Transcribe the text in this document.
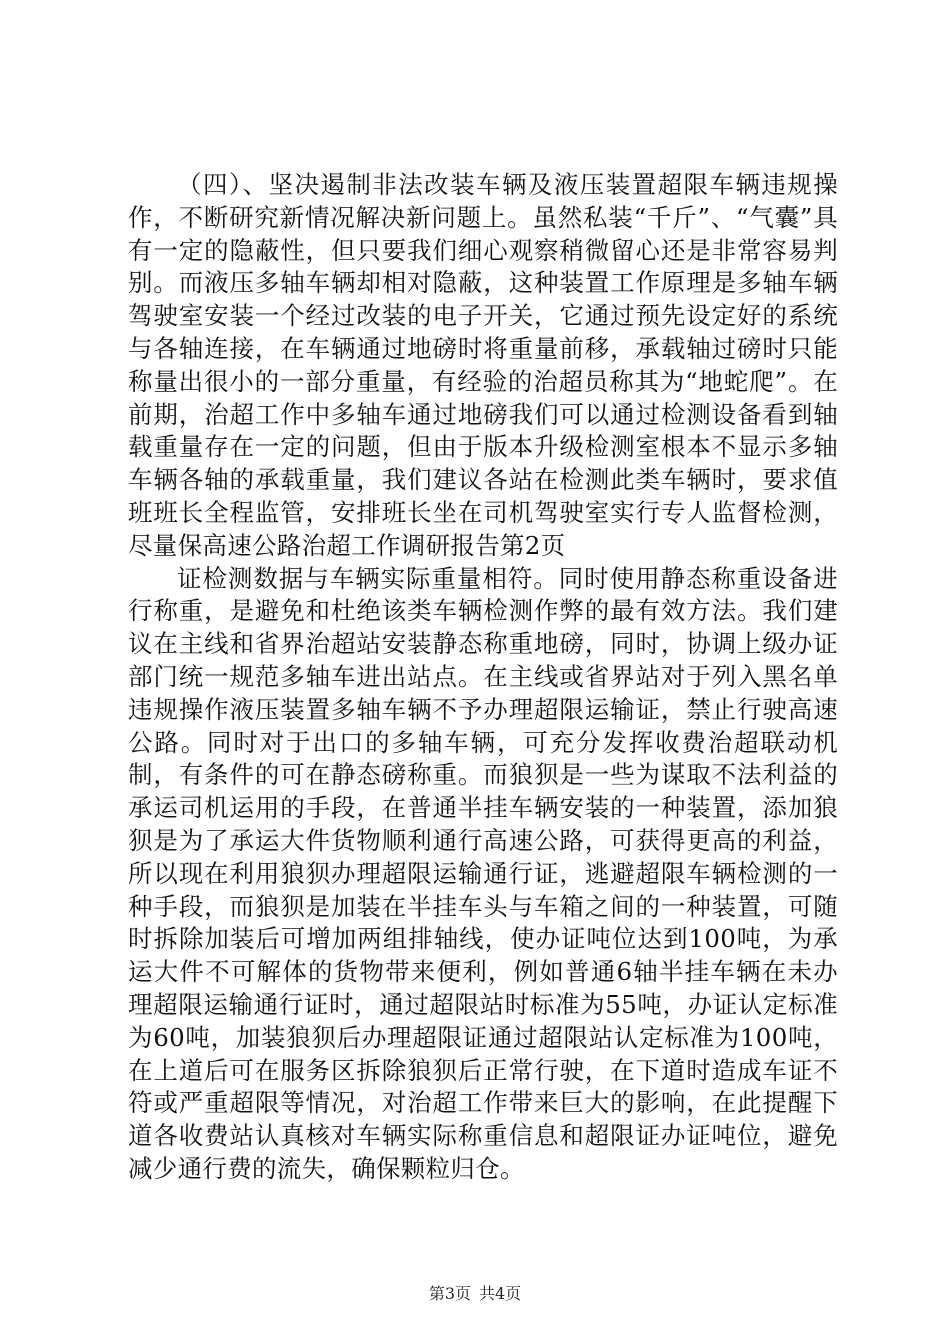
（四）、坚决遏制非法改装车辆及液压装置超限车辆违规操作，不断研究新情况解决新问题上。虽然私装“千斤”、“气囊”具有一定的隐蔽性，但只要我们细心观察稍微留心还是非常容易判别。而液压多轴车辆却相对隐蔽，这种装置工作原理是多轴车辆驾驶室安装一个经过改装的电子开关，它通过预先设定好的系统与各轴连接，在车辆通过地磅时将重量前移，承载轴过磅时只能称量出很小的一部分重量，有经验的治超员称其为“地蛇爬”。在前期，治超工作中多轴车通过地磅我们可以通过检测设备看到轴载重量存在一定的问题，但由于版本升级检测室根本不显示多轴车辆各轴的承载重量，我们建议各站在检测此类车辆时，要求值班班长全程监管，安排班长坐在司机驾驶室实行专人监督检测，尽量保高速公路治超工作调研报告第2页

证检测数据与车辆实际重量相符。同时使用静态称重设备进行称重，是避免和杜绝该类车辆检测作弊的最有效方法。我们建议在主线和省界治超站安装静态称重地磅，同时，协调上级办证部门统一规范多轴车进出站点。在主线或省界站对于列入黑名单违规操作液压装置多轴车辆不予办理超限运输证，禁止行驶高速公路。同时对于出口的多轴车辆，可充分发挥收费治超联动机制，有条件的可在静态磅称重。而狼狈是一些为谋取不法利益的承运司机运用的手段，在普通半挂车辆安装的一种装置，添加狼狈是为了承运大件货物顺利通行高速公路，可获得更高的利益，所以现在利用狼狈办理超限运输通行证，逃避超限车辆检测的一种手段，而狼狈是加装在半挂车头与车箱之间的一种装置，可随时拆除加装后可增加两组排轴线，使办证吨位达到100吨，为承运大件不可解体的货物带来便利，例如普通6轴半挂车辆在未办理超限运输通行证时，通过超限站时标准为55吨，办证认定标准为60吨，加装狼狈后办理超限证通过超限站认定标准为100吨，在上道后可在服务区拆除狼狈后正常行驶，在下道时造成车证不符或严重超限等情况，对治超工作带来巨大的影响，在此提醒下道各收费站认真核对车辆实际称重信息和超限证办证吨位，避免减少通行费的流失，确保颗粒归仓。

第3页 共4页
